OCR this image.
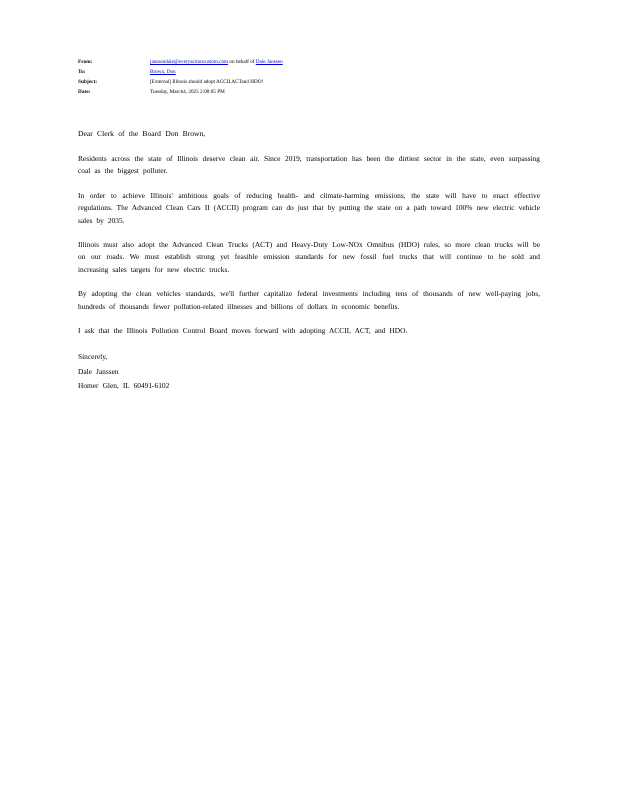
From:	janssendale@everyactioncustom.com on behalf of Dale Janssen
To:	Brown, Don
Subject:	[External] Illinois should adopt ACCII,ACTand HDO!
Date:	Tuesday, March4, 2025 2:08:05 PM

Dear Clerk of the Board Don Brown,

Residents across the state of Illinois deserve clean air. Since 2019, transportation has been the dirtiest sector in the state, even surpassing coal as the biggest polluter.

In order to achieve Illinois' ambitious goals of reducing health- and climate-harming emissions, the state will have to enact effective regulations. The Advanced Clean Cars II (ACCII) program can do just that by putting the state on a path toward 100% new electric vehicle sales by 2035.

Illinois must also adopt the Advanced Clean Trucks (ACT) and Heavy-Duty Low-NOx Omnibus (HDO) rules, so more clean trucks will be on our roads. We must establish strong yet feasible emission standards for new fossil fuel trucks that will continue to be sold and increasing sales targets for new electric trucks.

By adopting the clean vehicles standards, we'll further capitalize federal investments including tens of thousands of new well-paying jobs, hundreds of thousands fewer pollution-related illnesses and billions of dollars in economic benefits.

I ask that the Illinois Pollution Control Board moves forward with adopting ACCII, ACT, and HDO.

Sincerely,
Dale Janssen
Homer Glen, IL 60491-6102
